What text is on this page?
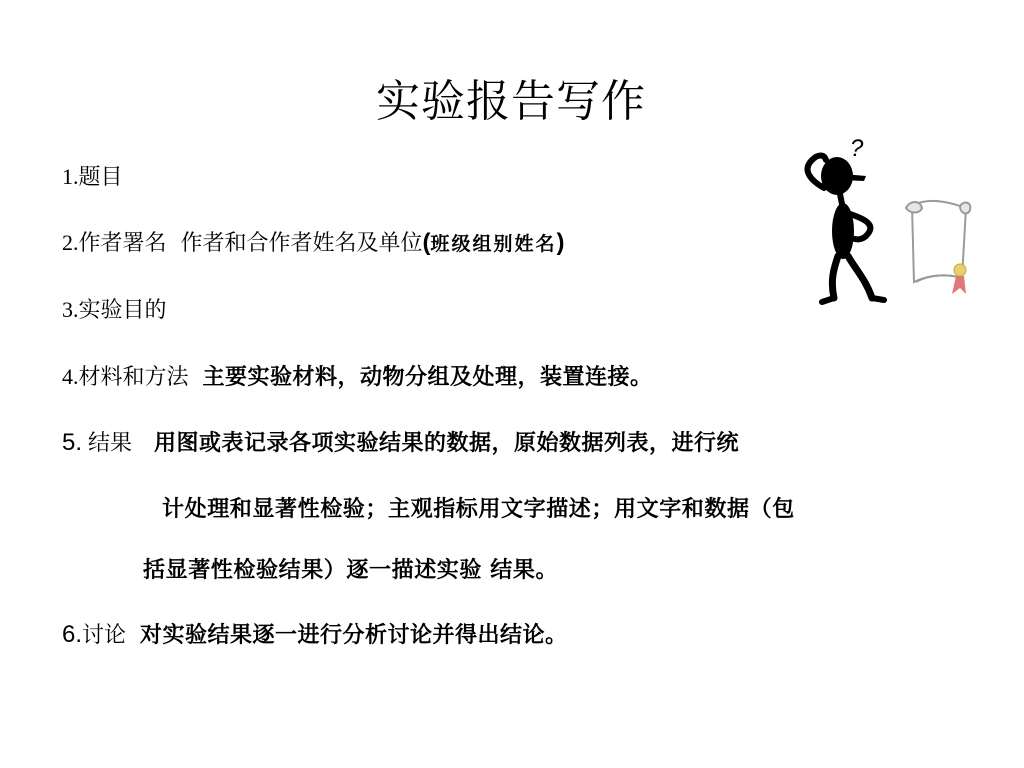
实验报告写作
1.题目
2.作者署名 作者和合作者姓名及单位(班级组别姓名)
3.实验目的
4.材料和方法 主要实验材料，动物分组及处理，装置连接。
5. 结果 用图或表记录各项实验结果的数据，原始数据列表，进行统
计处理和显著性检验；主观指标用文字描述；用文字和数据（包
括显著性检验结果）逐一描述实验 结果。
6.讨论 对实验结果逐一进行分析讨论并得出结论。
?
